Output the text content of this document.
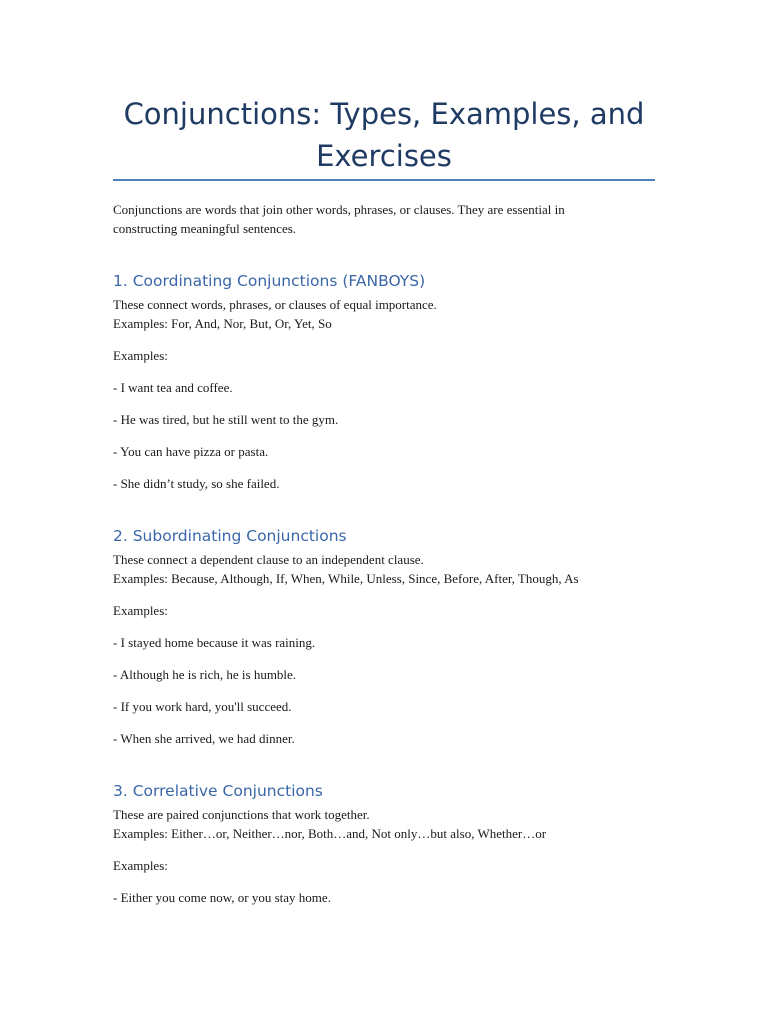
Conjunctions: Types, Examples, and
Exercises

Conjunctions are words that join other words, phrases, or clauses. They are essential in

constructing meaningful sentences.

1. Coordinating Conjunctions (FANBOYS)

These connect words, phrases, or clauses of equal importance.

Examples: For, And, Nor, But, Or, Yet, So

Examples:

- I want tea and coffee.

- He was tired, but he still went to the gym.

- You can have pizza or pasta.

- She didn’t study, so she failed.

2. Subordinating Conjunctions

These connect a dependent clause to an independent clause.

Examples: Because, Although, If, When, While, Unless, Since, Before, After, Though, As

Examples:

- I stayed home because it was raining.

- Although he is rich, he is humble.

- If you work hard, you'll succeed.

- When she arrived, we had dinner.

3. Correlative Conjunctions

These are paired conjunctions that work together.

Examples: Either…or, Neither…nor, Both…and, Not only…but also, Whether…or

Examples:

- Either you come now, or you stay home.
